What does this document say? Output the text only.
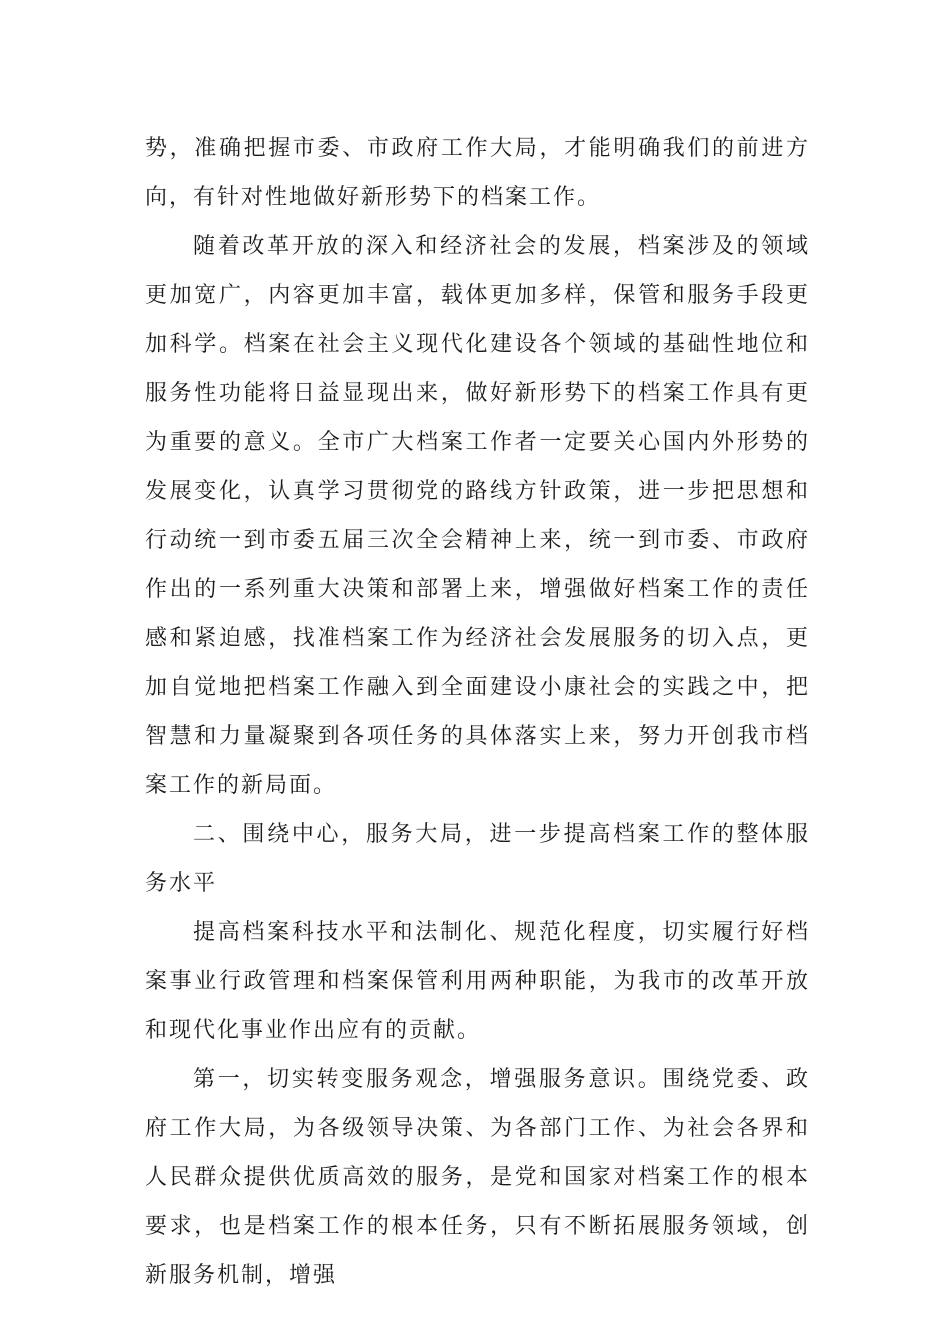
势，准确把握市委、市政府工作大局，才能明确我们的前进方向，有针对性地做好新形势下的档案工作。

随着改革开放的深入和经济社会的发展，档案涉及的领域更加宽广，内容更加丰富，载体更加多样，保管和服务手段更加科学。档案在社会主义现代化建设各个领域的基础性地位和服务性功能将日益显现出来，做好新形势下的档案工作具有更为重要的意义。全市广大档案工作者一定要关心国内外形势的发展变化，认真学习贯彻党的路线方针政策，进一步把思想和行动统一到市委五届三次全会精神上来，统一到市委、市政府作出的一系列重大决策和部署上来，增强做好档案工作的责任感和紧迫感，找准档案工作为经济社会发展服务的切入点，更加自觉地把档案工作融入到全面建设小康社会的实践之中，把智慧和力量凝聚到各项任务的具体落实上来，努力开创我市档案工作的新局面。

二、围绕中心，服务大局，进一步提高档案工作的整体服务水平

提高档案科技水平和法制化、规范化程度，切实履行好档案事业行政管理和档案保管利用两种职能，为我市的改革开放和现代化事业作出应有的贡献。

第一，切实转变服务观念，增强服务意识。围绕党委、政府工作大局，为各级领导决策、为各部门工作、为社会各界和人民群众提供优质高效的服务，是党和国家对档案工作的根本要求，也是档案工作的根本任务，只有不断拓展服务领域，创新服务机制，增强
